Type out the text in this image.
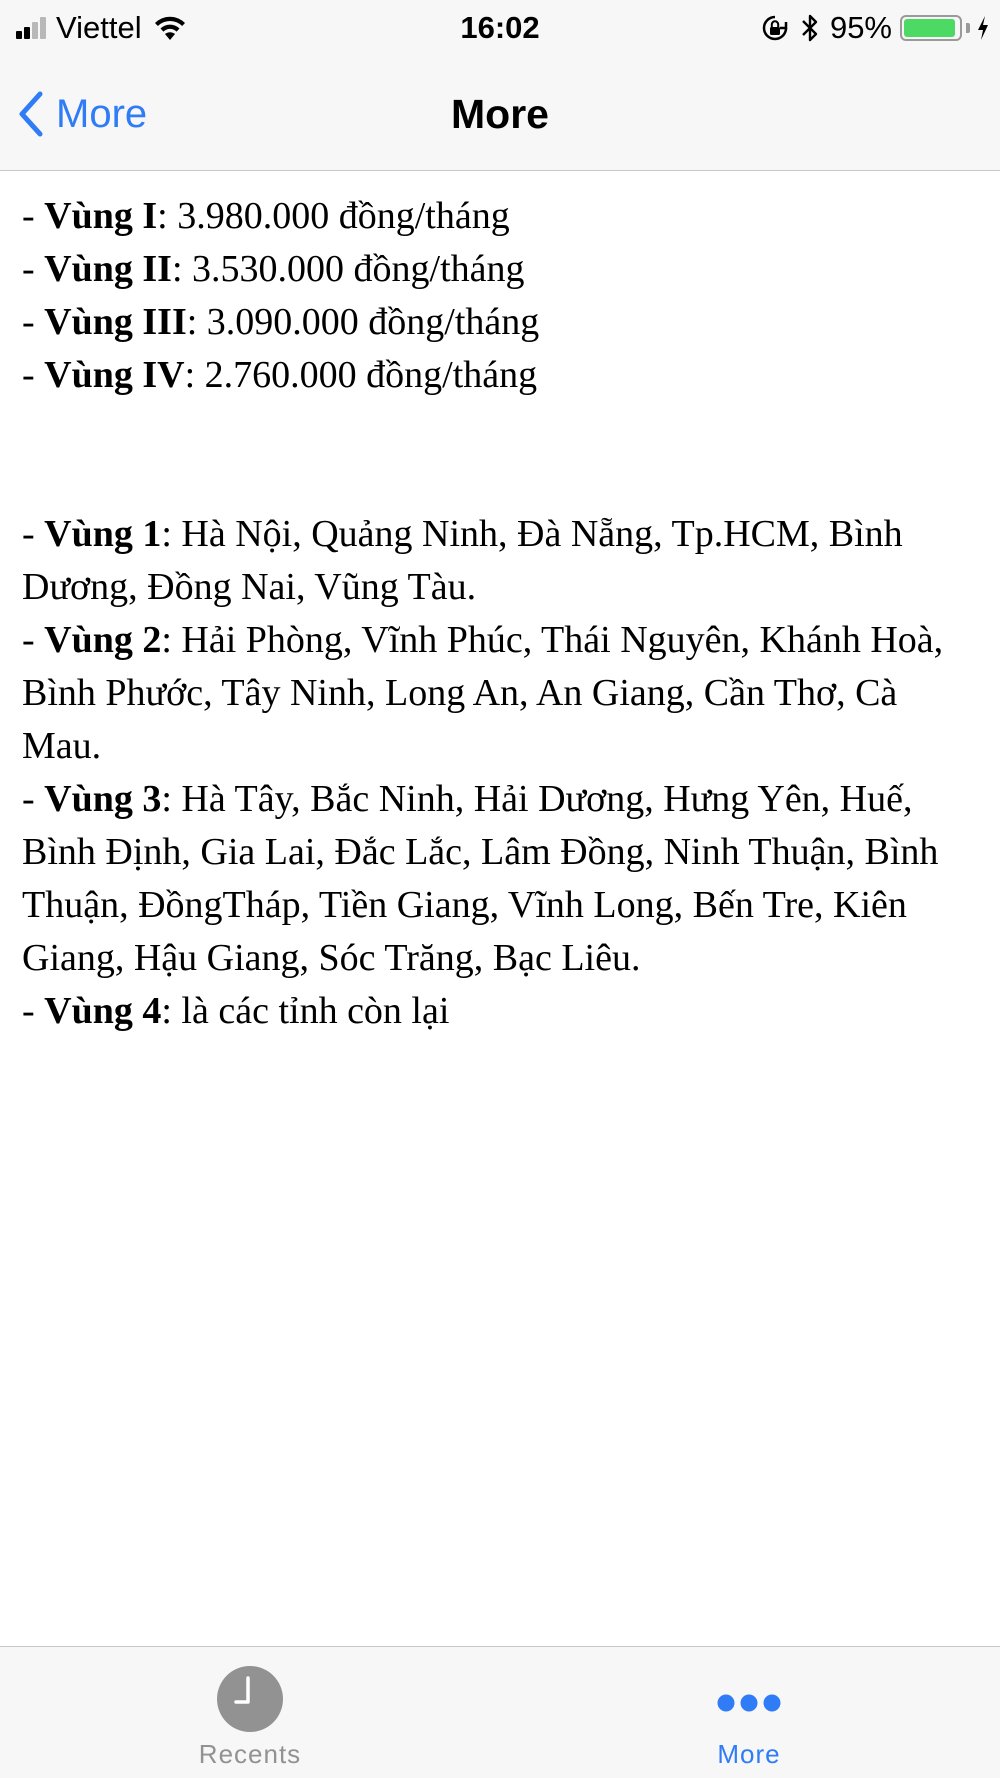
Viettel	16:02	95%
More	More

- Vùng I: 3.980.000 đồng/tháng

- Vùng II: 3.530.000 đồng/tháng

- Vùng III: 3.090.000 đồng/tháng

- Vùng IV: 2.760.000 đồng/tháng

- Vùng 1: Hà Nội, Quảng Ninh, Đà Nẵng, Tp.HCM, Bình Dương, Đồng Nai, Vũng Tàu.

- Vùng 2: Hải Phòng, Vĩnh Phúc, Thái Nguyên, Khánh Hoà, Bình Phước, Tây Ninh, Long An, An Giang, Cần Thơ, Cà Mau.

- Vùng 3: Hà Tây, Bắc Ninh, Hải Dương, Hưng Yên, Huế, Bình Định, Gia Lai, Đắc Lắc, Lâm Đồng, Ninh Thuận, Bình Thuận, ĐồngTháp, Tiền Giang, Vĩnh Long, Bến Tre, Kiên Giang, Hậu Giang, Sóc Trăng, Bạc Liêu.

- Vùng 4: là các tỉnh còn lại

Recents	More
